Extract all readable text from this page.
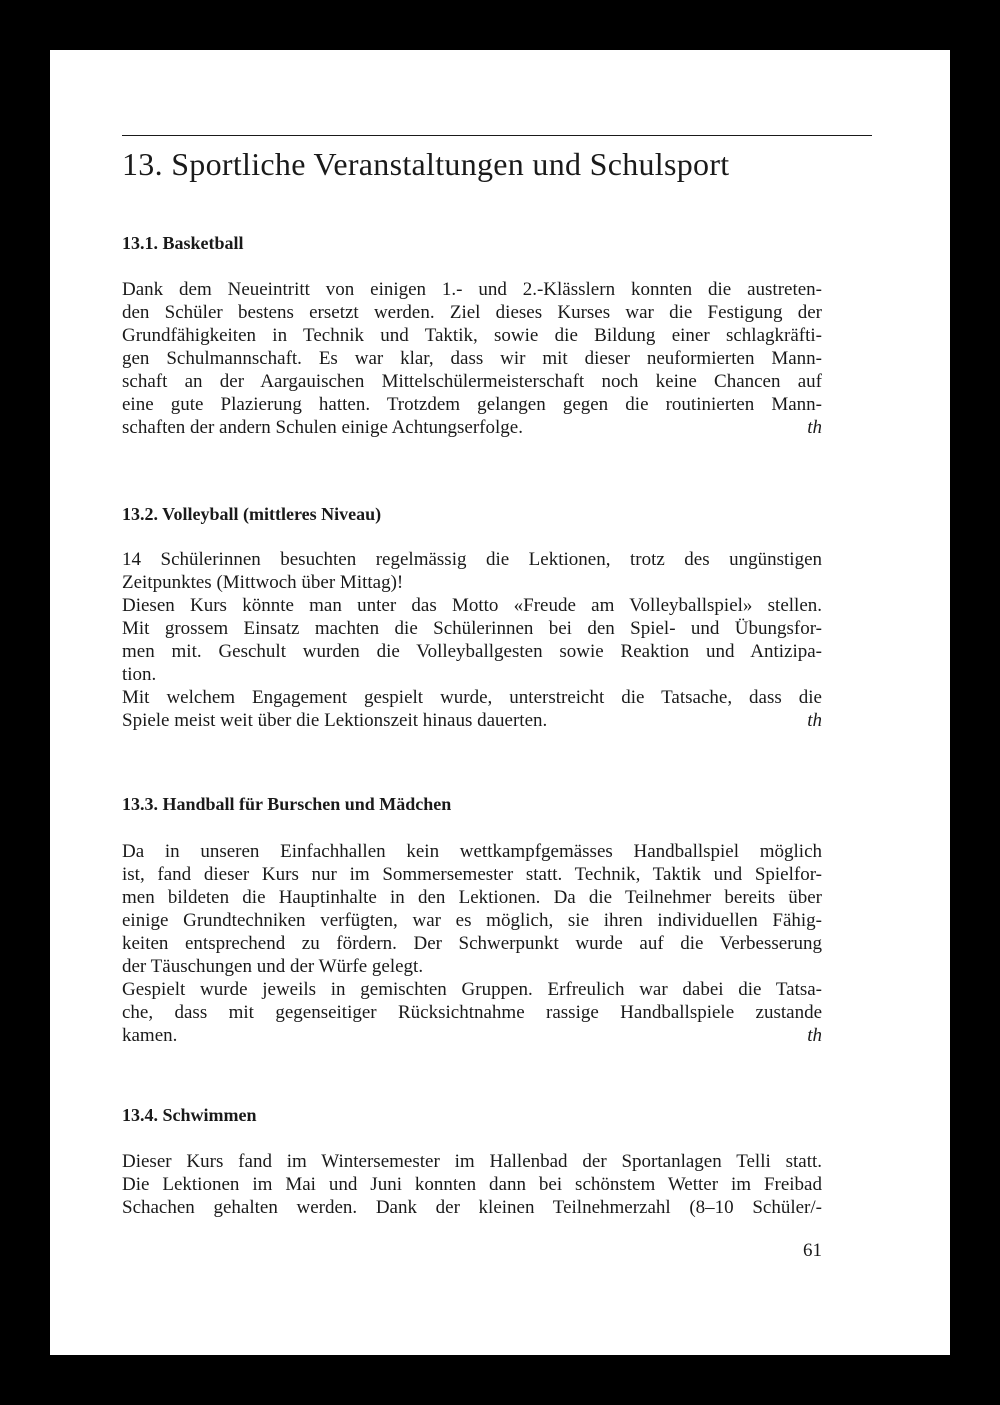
13. Sportliche Veranstaltungen und Schulsport
13.1. Basketball
Dank dem Neueintritt von einigen 1.- und 2.-Klässlern konnten die austreten-
den Schüler bestens ersetzt werden. Ziel dieses Kurses war die Festigung der
Grundfähigkeiten in Technik und Taktik, sowie die Bildung einer schlagkräfti-
gen Schulmannschaft. Es war klar, dass wir mit dieser neuformierten Mann-
schaft an der Aargauischen Mittelschülermeisterschaft noch keine Chancen auf
eine gute Plazierung hatten. Trotzdem gelangen gegen die routinierten Mann-
schaften der andern Schulen einige Achtungserfolge.	th
13.2. Volleyball (mittleres Niveau)
14 Schülerinnen besuchten regelmässig die Lektionen, trotz des ungünstigen
Zeitpunktes (Mittwoch über Mittag)!
Diesen Kurs könnte man unter das Motto «Freude am Volleyballspiel» stellen.
Mit grossem Einsatz machten die Schülerinnen bei den Spiel- und Übungsfor-
men mit. Geschult wurden die Volleyballgesten sowie Reaktion und Antizipa-
tion.
Mit welchem Engagement gespielt wurde, unterstreicht die Tatsache, dass die
Spiele meist weit über die Lektionszeit hinaus dauerten.	th
13.3. Handball für Burschen und Mädchen
Da in unseren Einfachhallen kein wettkampfgemässes Handballspiel möglich
ist, fand dieser Kurs nur im Sommersemester statt. Technik, Taktik und Spielfor-
men bildeten die Hauptinhalte in den Lektionen. Da die Teilnehmer bereits über
einige Grundtechniken verfügten, war es möglich, sie ihren individuellen Fähig-
keiten entsprechend zu fördern. Der Schwerpunkt wurde auf die Verbesserung
der Täuschungen und der Würfe gelegt.
Gespielt wurde jeweils in gemischten Gruppen. Erfreulich war dabei die Tatsa-
che, dass mit gegenseitiger Rücksichtnahme rassige Handballspiele zustande
kamen.	th
13.4. Schwimmen
Dieser Kurs fand im Wintersemester im Hallenbad der Sportanlagen Telli statt.
Die Lektionen im Mai und Juni konnten dann bei schönstem Wetter im Freibad
Schachen gehalten werden. Dank der kleinen Teilnehmerzahl (8–10 Schüler/-
61
